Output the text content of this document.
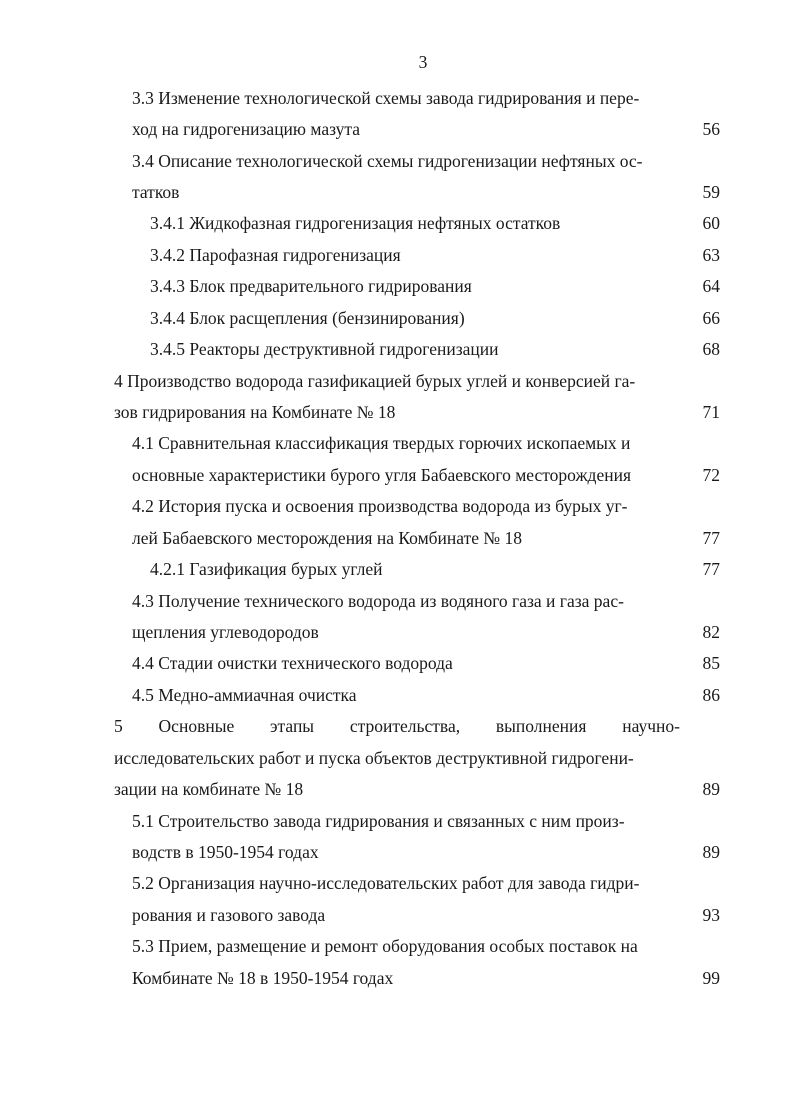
3
3.3 Изменение технологической схемы завода гидрирования и пере-
ход на гидрогенизацию мазута	56
3.4 Описание технологической схемы гидрогенизации нефтяных ос-
татков	59
3.4.1 Жидкофазная гидрогенизация нефтяных остатков	60
3.4.2 Парофазная гидрогенизация	63
3.4.3 Блок предварительного гидрирования	64
3.4.4 Блок расщепления (бензинирования)	66
3.4.5 Реакторы деструктивной гидрогенизации	68
4 Производство водорода газификацией бурых углей и конверсией га-
зов гидрирования на Комбинате № 18	71
4.1 Сравнительная классификация твердых горючих ископаемых и
основные характеристики бурого угля Бабаевского месторождения	72
4.2 История пуска и освоения производства водорода из бурых уг-
лей Бабаевского месторождения на Комбинате № 18	77
4.2.1 Газификация бурых углей	77
4.3 Получение технического водорода из водяного газа и газа рас-
щепления углеводородов	82
4.4 Стадии очистки технического водорода	85
4.5 Медно-аммиачная очистка	86
5 Основные этапы строительства, выполнения научно-
исследовательских работ и пуска объектов деструктивной гидрогени-
зации на комбинате № 18	89
5.1 Строительство завода гидрирования и связанных с ним произ-
водств в 1950-1954 годах	89
5.2 Организация научно-исследовательских работ для завода гидри-
рования и газового завода	93
5.3 Прием, размещение и ремонт оборудования особых поставок на
Комбинате № 18 в 1950-1954 годах	99
